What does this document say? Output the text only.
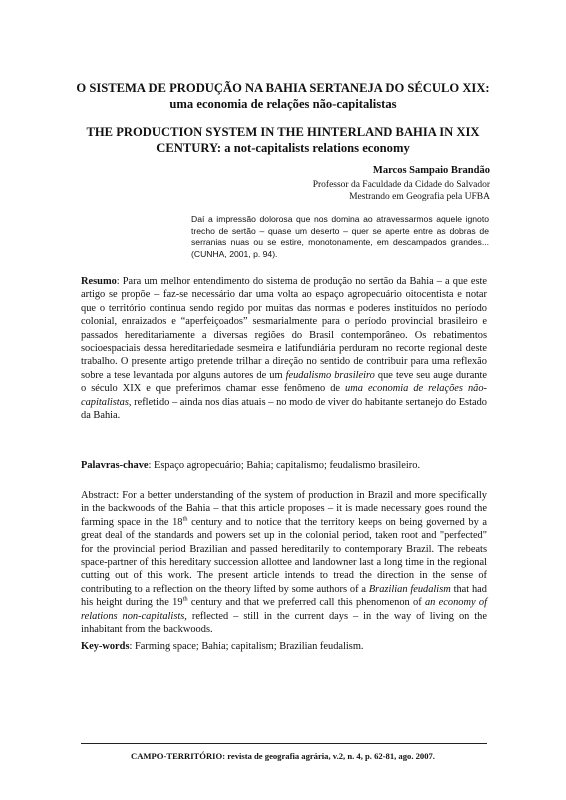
O SISTEMA DE PRODUÇÃO NA BAHIA SERTANEJA DO SÉCULO XIX: uma economia de relações não-capitalistas
THE PRODUCTION SYSTEM IN THE HINTERLAND BAHIA IN XIX CENTURY: a not-capitalists relations economy
Marcos Sampaio Brandão
Professor da Faculdade da Cidade do Salvador
Mestrando em Geografia pela UFBA
Daí a impressão dolorosa que nos domina ao atravessarmos aquele ignoto trecho de sertão – quase um deserto – quer se aperte entre as dobras de serranias nuas ou se estire, monotonamente, em descampados grandes... (CUNHA, 2001, p. 94).
Resumo: Para um melhor entendimento do sistema de produção no sertão da Bahia – a que este artigo se propõe – faz-se necessário dar uma volta ao espaço agropecuário oitocentista e notar que o território continua sendo regido por muitas das normas e poderes instituídos no período colonial, enraizados e “aperfeiçoados” sesmarialmente para o período provincial brasileiro e passados hereditariamente a diversas regiões do Brasil contemporâneo. Os rebatimentos socioespaciais dessa hereditariedade sesmeira e latifundiária perduram no recorte regional deste trabalho. O presente artigo pretende trilhar a direção no sentido de contribuir para uma reflexão sobre a tese levantada por alguns autores de um feudalismo brasileiro que teve seu auge durante o século XIX e que preferimos chamar esse fenômeno de uma economia de relações não-capitalistas, refletido – ainda nos dias atuais – no modo de viver do habitante sertanejo do Estado da Bahia.
Palavras-chave: Espaço agropecuário; Bahia; capitalismo; feudalismo brasileiro.
Abstract: For a better understanding of the system of production in Brazil and more specifically in the backwoods of the Bahia – that this article proposes – it is made necessary goes round the farming space in the 18th century and to notice that the territory keeps on being governed by a great deal of the standards and powers set up in the colonial period, taken root and "perfected" for the provincial period Brazilian and passed hereditarily to contemporary Brazil. The rebeats space-partner of this hereditary succession allottee and landowner last a long time in the regional cutting out of this work. The present article intends to tread the direction in the sense of contributing to a reflection on the theory lifted by some authors of a Brazilian feudalism that had his height during the 19th century and that we preferred call this phenomenon of an economy of relations non-capitalists, reflected – still in the current days – in the way of living on the inhabitant from the backwoods.
Key-words: Farming space; Bahia; capitalism; Brazilian feudalism.
CAMPO-TERRITÓRIO: revista de geografia agrária, v.2, n. 4, p. 62-81, ago. 2007.
